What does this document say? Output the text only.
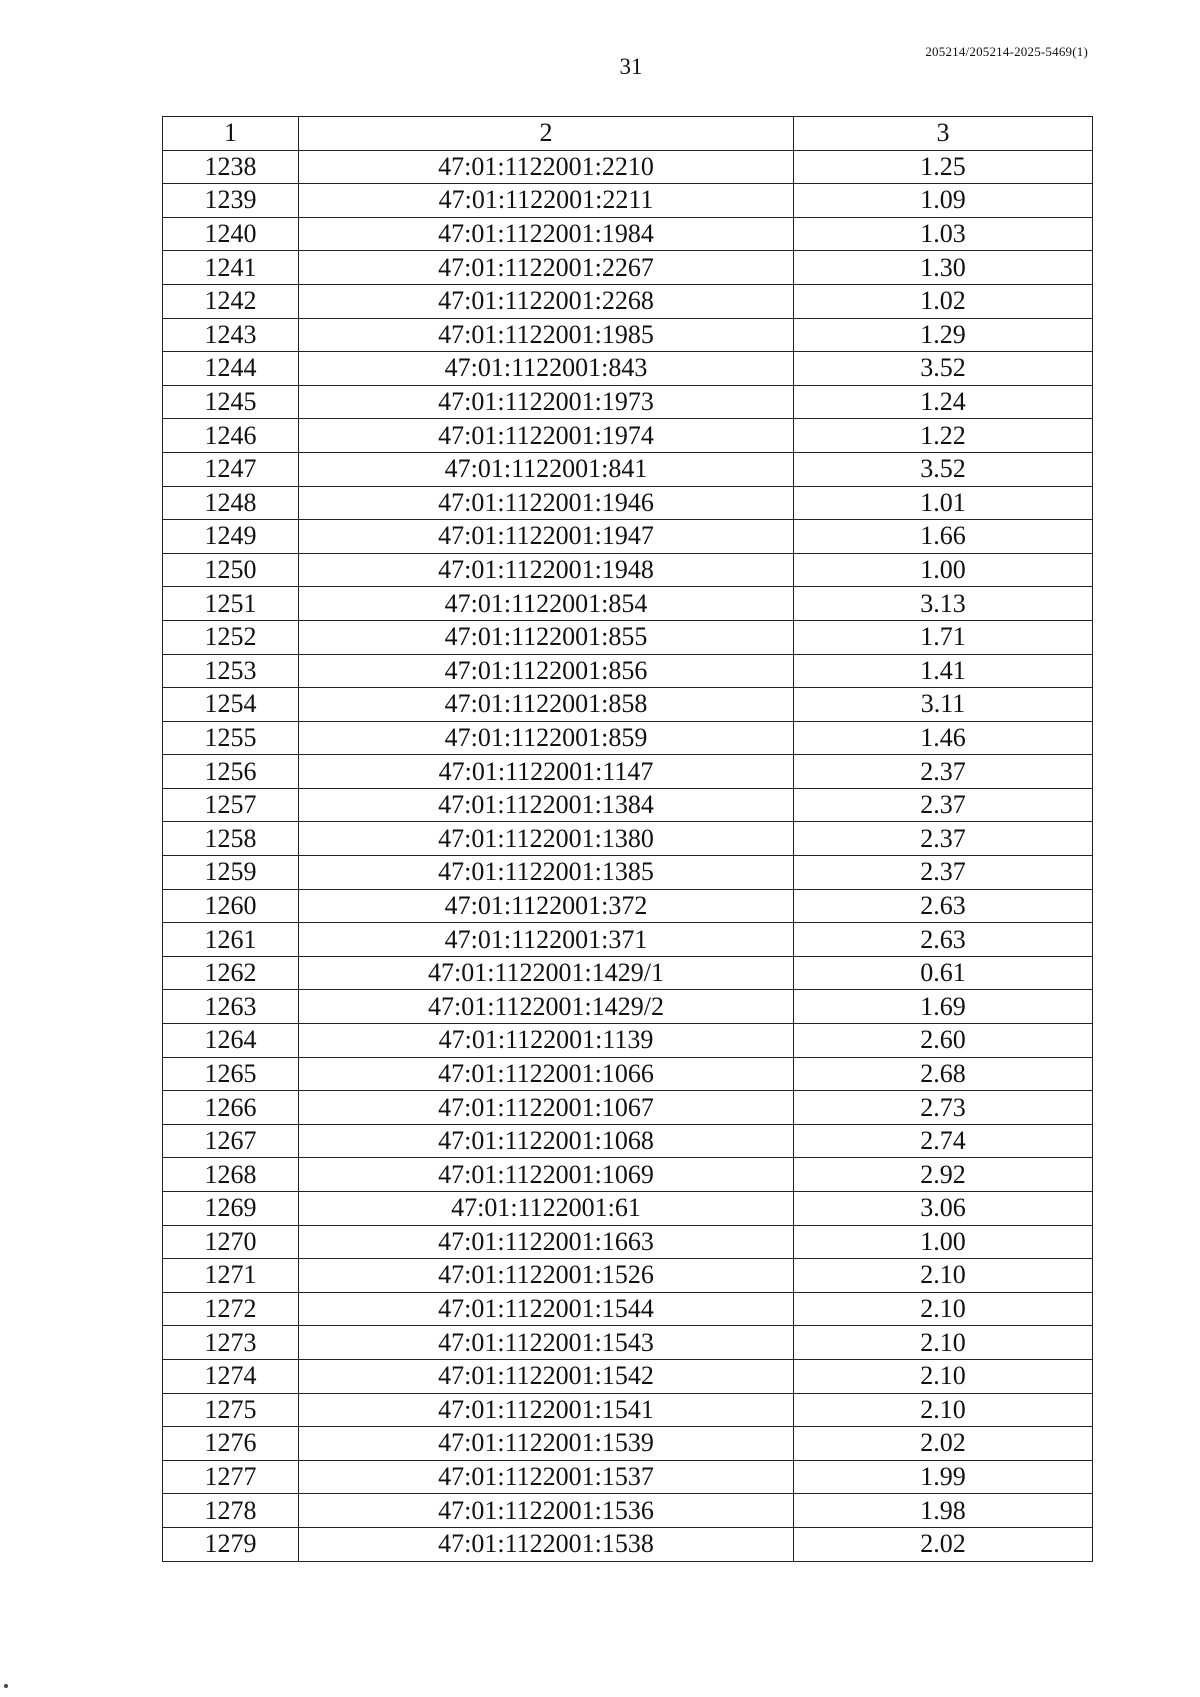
205214/205214-2025-5469(1)
31
1	2	3
1238	47:01:1122001:2210	1.25
1239	47:01:1122001:2211	1.09
1240	47:01:1122001:1984	1.03
1241	47:01:1122001:2267	1.30
1242	47:01:1122001:2268	1.02
1243	47:01:1122001:1985	1.29
1244	47:01:1122001:843	3.52
1245	47:01:1122001:1973	1.24
1246	47:01:1122001:1974	1.22
1247	47:01:1122001:841	3.52
1248	47:01:1122001:1946	1.01
1249	47:01:1122001:1947	1.66
1250	47:01:1122001:1948	1.00
1251	47:01:1122001:854	3.13
1252	47:01:1122001:855	1.71
1253	47:01:1122001:856	1.41
1254	47:01:1122001:858	3.11
1255	47:01:1122001:859	1.46
1256	47:01:1122001:1147	2.37
1257	47:01:1122001:1384	2.37
1258	47:01:1122001:1380	2.37
1259	47:01:1122001:1385	2.37
1260	47:01:1122001:372	2.63
1261	47:01:1122001:371	2.63
1262	47:01:1122001:1429/1	0.61
1263	47:01:1122001:1429/2	1.69
1264	47:01:1122001:1139	2.60
1265	47:01:1122001:1066	2.68
1266	47:01:1122001:1067	2.73
1267	47:01:1122001:1068	2.74
1268	47:01:1122001:1069	2.92
1269	47:01:1122001:61	3.06
1270	47:01:1122001:1663	1.00
1271	47:01:1122001:1526	2.10
1272	47:01:1122001:1544	2.10
1273	47:01:1122001:1543	2.10
1274	47:01:1122001:1542	2.10
1275	47:01:1122001:1541	2.10
1276	47:01:1122001:1539	2.02
1277	47:01:1122001:1537	1.99
1278	47:01:1122001:1536	1.98
1279	47:01:1122001:1538	2.02
